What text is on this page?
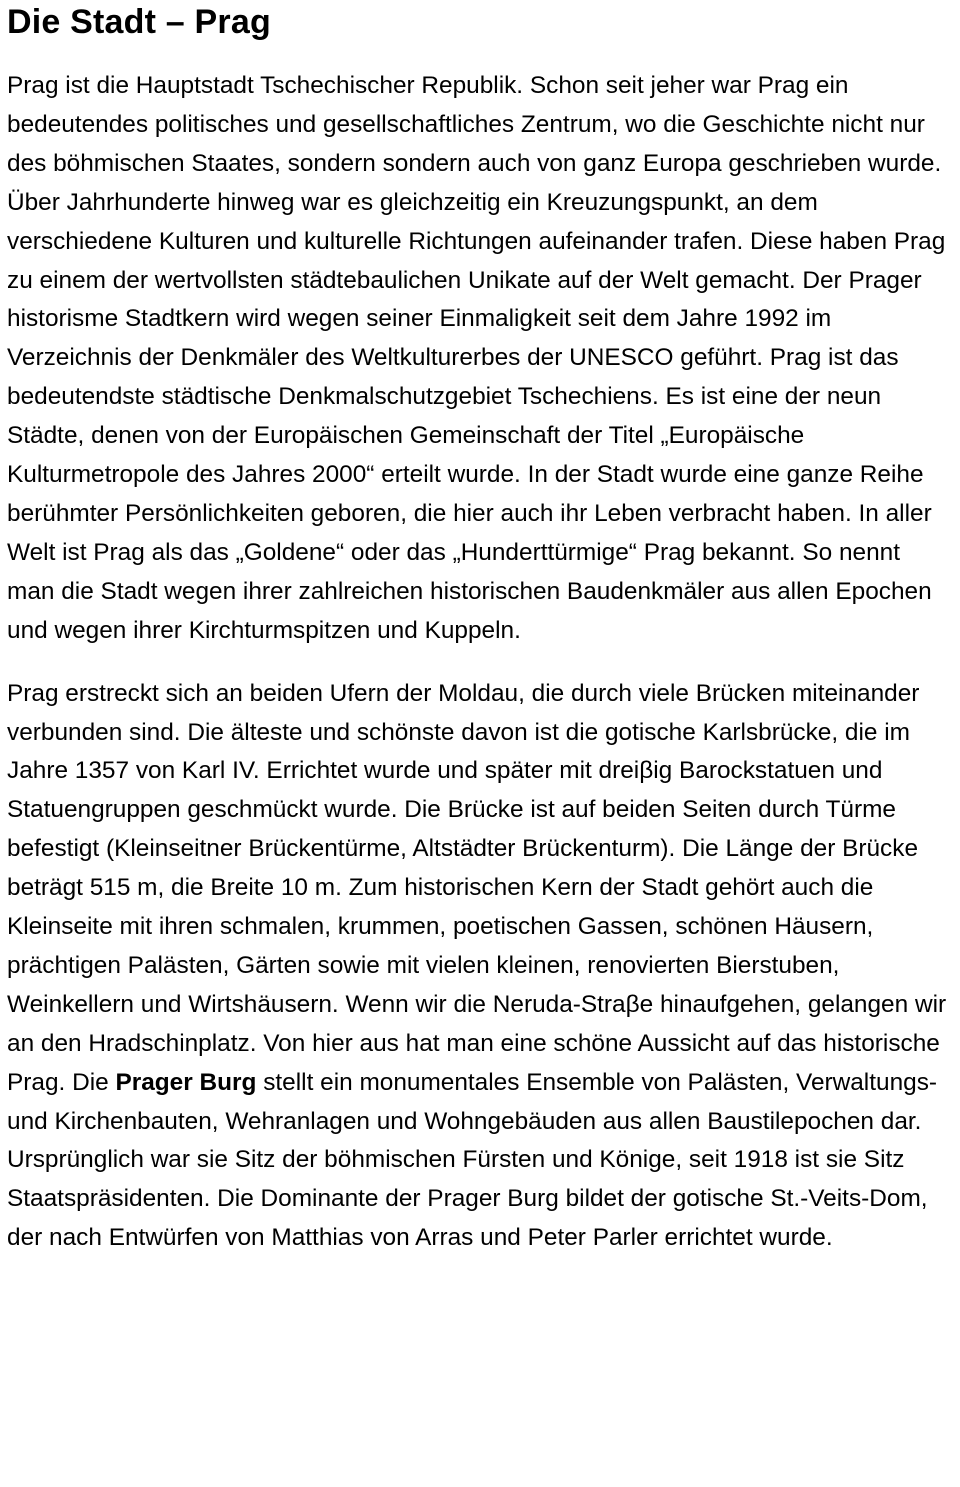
Die Stadt – Prag

Prag ist die Hauptstadt Tschechischer Republik. Schon seit jeher war Prag ein bedeutendes politisches und gesellschaftliches Zentrum, wo die Geschichte nicht nur des böhmischen Staates, sondern sondern auch von ganz Europa geschrieben wurde. Über Jahrhunderte hinweg war es gleichzeitig ein Kreuzungspunkt, an dem verschiedene Kulturen und kulturelle Richtungen aufeinander trafen. Diese haben Prag zu einem der wertvollsten städtebaulichen Unikate auf der Welt gemacht. Der Prager historisme Stadtkern wird wegen seiner Einmaligkeit seit dem Jahre 1992 im Verzeichnis der Denkmäler des Weltkulturerbes der UNESCO geführt. Prag ist das bedeutendste städtische Denkmalschutzgebiet Tschechiens. Es ist eine der neun Städte, denen von der Europäischen Gemeinschaft der Titel „Europäische Kulturmetropole des Jahres 2000“ erteilt wurde. In der Stadt wurde eine ganze Reihe berühmter Persönlichkeiten geboren, die hier auch ihr Leben verbracht haben. In aller Welt ist Prag als das „Goldene“ oder das „Hunderttürmige“ Prag bekannt. So nennt man die Stadt wegen ihrer zahlreichen historischen Baudenkmäler aus allen Epochen und wegen ihrer Kirchturmspitzen und Kuppeln.

Prag erstreckt sich an beiden Ufern der Moldau, die durch viele Brücken miteinander verbunden sind. Die älteste und schönste davon ist die gotische Karlsbrücke, die im Jahre 1357 von Karl IV. Errichtet wurde und später mit dreiβig Barockstatuen und Statuengruppen geschmückt wurde. Die Brücke ist auf beiden Seiten durch Türme befestigt (Kleinseitner Brückentürme, Altstädter Brückenturm). Die Länge der Brücke beträgt 515 m, die Breite 10 m. Zum historischen Kern der Stadt gehört auch die Kleinseite mit ihren schmalen, krummen, poetischen Gassen, schönen Häusern, prächtigen Palästen, Gärten sowie mit vielen kleinen, renovierten Bierstuben, Weinkellern und Wirtshäusern. Wenn wir die Neruda-Straβe hinaufgehen, gelangen wir an den Hradschinplatz. Von hier aus hat man eine schöne Aussicht auf das historische Prag. Die Prager Burg stellt ein monumentales Ensemble von Palästen, Verwaltungs- und Kirchenbauten, Wehranlagen und Wohngebäuden aus allen Baustilepochen dar. Ursprünglich war sie Sitz der böhmischen Fürsten und Könige, seit 1918 ist sie Sitz Staatspräsidenten. Die Dominante der Prager Burg bildet der gotische St.-Veits-Dom, der nach Entwürfen von Matthias von Arras und Peter Parler errichtet wurde.
